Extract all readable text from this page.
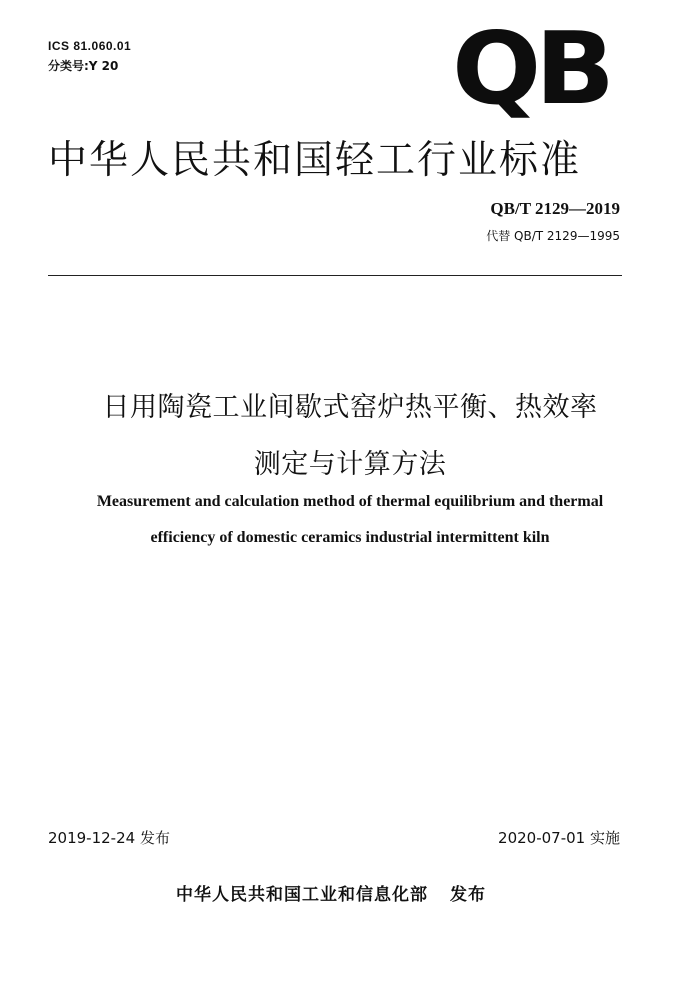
ICS 81.060.01
分类号:Y 20	QB
中华人民共和国轻工行业标准
QB/T 2129—2019
代替 QB/T 2129—1995
日用陶瓷工业间歇式窑炉热平衡、热效率
测定与计算方法
Measurement and calculation method of thermal equilibrium and thermal
efficiency of domestic ceramics industrial intermittent kiln
2019-12-24 发布	2020-07-01 实施
中华人民共和国工业和信息化部 发布
